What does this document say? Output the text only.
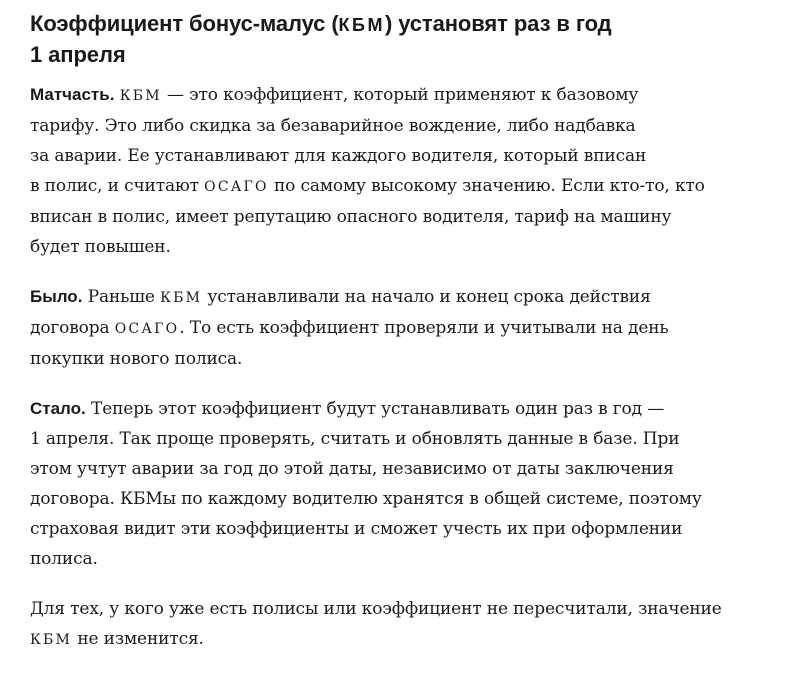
Коэффициент бонус-малус (КБМ) установят раз в год
1 апреля

Матчасть. КБМ — это коэффициент, который применяют к базовому
тарифу. Это либо скидка за безаварийное вождение, либо надбавка
за аварии. Ее устанавливают для каждого водителя, который вписан
в полис, и считают ОСАГО по самому высокому значению. Если кто-то, кто
вписан в полис, имеет репутацию опасного водителя, тариф на машину
будет повышен.

Было. Раньше КБМ устанавливали на начало и конец срока действия
договора ОСАГО. То есть коэффициент проверяли и учитывали на день
покупки нового полиса.

Стало. Теперь этот коэффициент будут устанавливать один раз в год —
1 апреля. Так проще проверять, считать и обновлять данные в базе. При
этом учтут аварии за год до этой даты, независимо от даты заключения
договора. КБМы по каждому водителю хранятся в общей системе, поэтому
страховая видит эти коэффициенты и сможет учесть их при оформлении
полиса.

Для тех, у кого уже есть полисы или коэффициент не пересчитали, значение
КБМ не изменится.
